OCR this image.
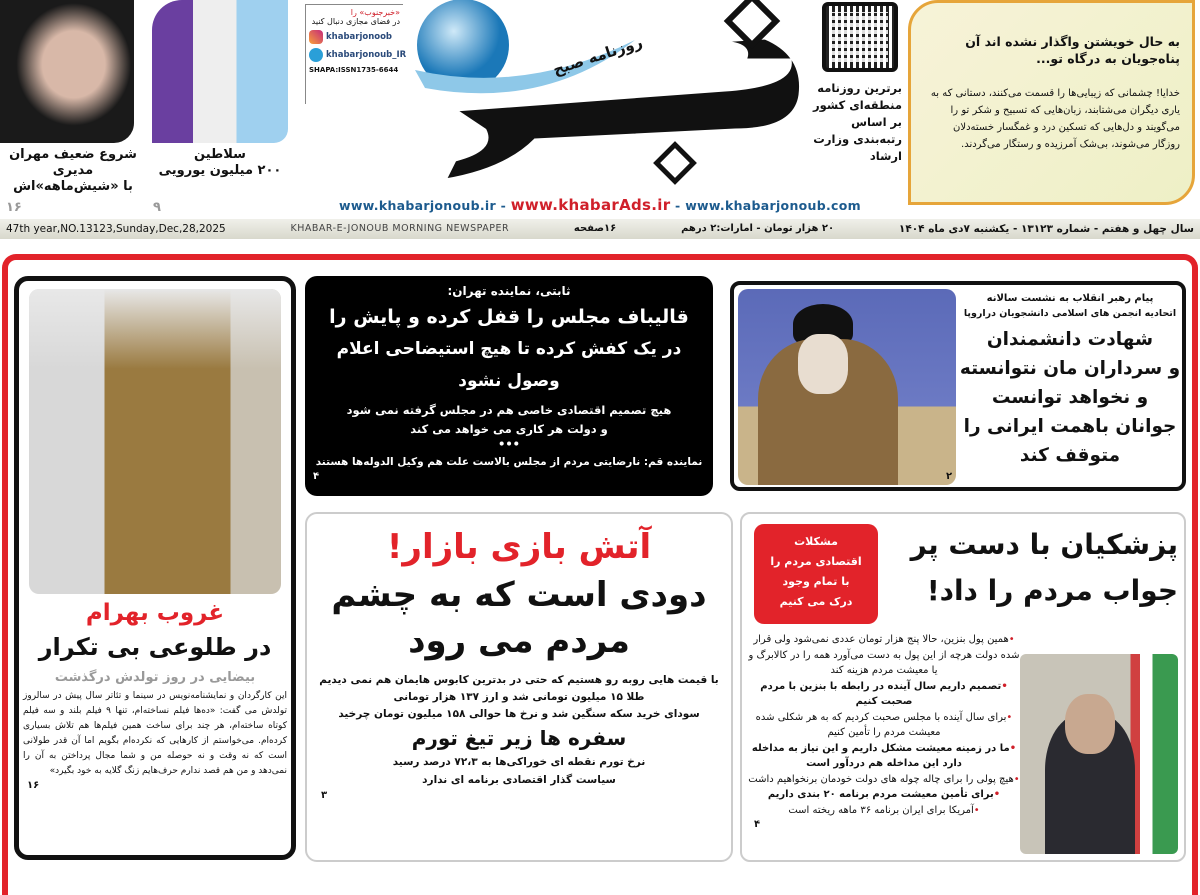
به حال خویشتن واگذار نشده اند آن پناه‌جویان به درگاه تو...
خدایا! چشمانی که زیبایی‌ها را قسمت می‌کنند، دستانی که به یاری دیگران می‌شتابند، زبان‌هایی که تسبیح و شکر تو را می‌گویند و دل‌هایی که تسکین درد و غمگسار خسته‌دلان روزگار می‌شوند، بی‌شک آمرزیده و رستگار می‌گردند.
برترین روزنامه منطقه‌ای کشور بر اساس رتبه‌بندی وزارت ارشاد
روزنامه صبح
«خبرجنوب» را
در فضای مجازی دنبال کنید
khabarjonoob
khabarjonoub_IR
SHAPA:ISSN1735-6644
سلاطین
۲۰۰ میلیون یورویی
۹
شروع ضعیف مهران مدیری
با «شیش‌ماهه»‌اش
۱۶	www.khabarjonoub.ir - www.khabarAds.ir - www.khabarjonoub.com
47th year,NO.13123,Sunday,Dec,28,2025	KHABAR-E-JONOUB MORNING NEWSPAPER	۱۶صفحه	۲۰ هزار تومان - امارات:۲ درهم	سال چهل و هفتم - شماره ۱۳۱۲۳ - یکشنبه ۷دی ماه ۱۴۰۴
پیام رهبر انقلاب به نشست سالانه
اتحادیه انجمن های اسلامی دانشجویان دراروپا
شهادت دانشمندان
و سرداران مان نتوانسته
و نخواهد توانست
جوانان باهمت ایرانی را
متوقف کند
۲
ثابتی، نماینده تهران:
قالیباف مجلس را قفل کرده و پایش را
در یک کفش کرده تا هیچ استیضاحی اعلام وصول نشود
هیچ تصمیم اقتصادی خاصی هم در مجلس گرفته نمی شود
و دولت هر کاری می خواهد می کند
•••
نماینده قم: نارضایتی مردم از مجلس بالاست علت هم وکیل الدوله‌ها هستند
۴
غروب بهرام
در طلوعی بی تکرار
بیضایی در روز تولدش درگذشت
این کارگردان و نمایشنامه‌نویس در سینما و تئاتر سال پیش در سالروز تولدش می گفت: «ده‌ها فیلم نساخته‌ام، تنها ۹ فیلم بلند و سه فیلم کوتاه ساخته‌ام، هر چند برای ساخت همین فیلم‌ها هم تلاش بسیاری کرده‌ام. می‌خواستم از کارهایی که نکرده‌ام بگویم اما آن قدر طولانی است که نه وقت و نه حوصله من و شما مجال پرداختن به آن را نمی‌دهد و من هم قصد ندارم حرف‌هایم زنگ گلایه به خود بگیرد»
۱۶
مشکلات
اقتصادی مردم را
با تمام وجود
درک می کنیم
پزشکیان با دست پر
جواب مردم را داد!
•همین پول بنزین، حالا پنج هزار تومان عددی نمی‌شود ولی قرار شده دولت هرچه از این پول به دست می‌آورد همه را در کالابرگ و یا معیشت مردم هزینه کند
•تصمیم داریم سال آینده در رابطه با بنزین با مردم صحبت کنیم
•برای سال آینده با مجلس صحبت کردیم که به هر شکلی شده معیشت مردم را تأمین کنیم
•ما در زمینه معیشت مشکل داریم و این نیاز به مداخله دارد این مداخله هم دردآور است
•هیچ پولی را برای چاله چوله های دولت خودمان برنخواهیم داشت
•برای تأمین معیشت مردم برنامه ۲۰ بندی داریم
•آمریکا برای ایران برنامه ۳۶ ماهه ریخته است
۴
آتش بازی بازار!
دودی است که به چشم
مردم می رود
با قیمت هایی روبه رو هستیم که حتی در بدترین کابوس هایمان هم نمی دیدیم
طلا ۱۵ میلیون تومانی شد و ارز ۱۳۷ هزار تومانی
سودای خرید سکه سنگین شد و نرخ ها حوالی ۱۵۸ میلیون تومان چرخید
سفره ها زیر تیغ تورم
نرخ تورم نقطه ای خوراکی‌ها به ۷۲،۳ درصد رسید
سیاست گذار اقتصادی برنامه ای ندارد
۳
